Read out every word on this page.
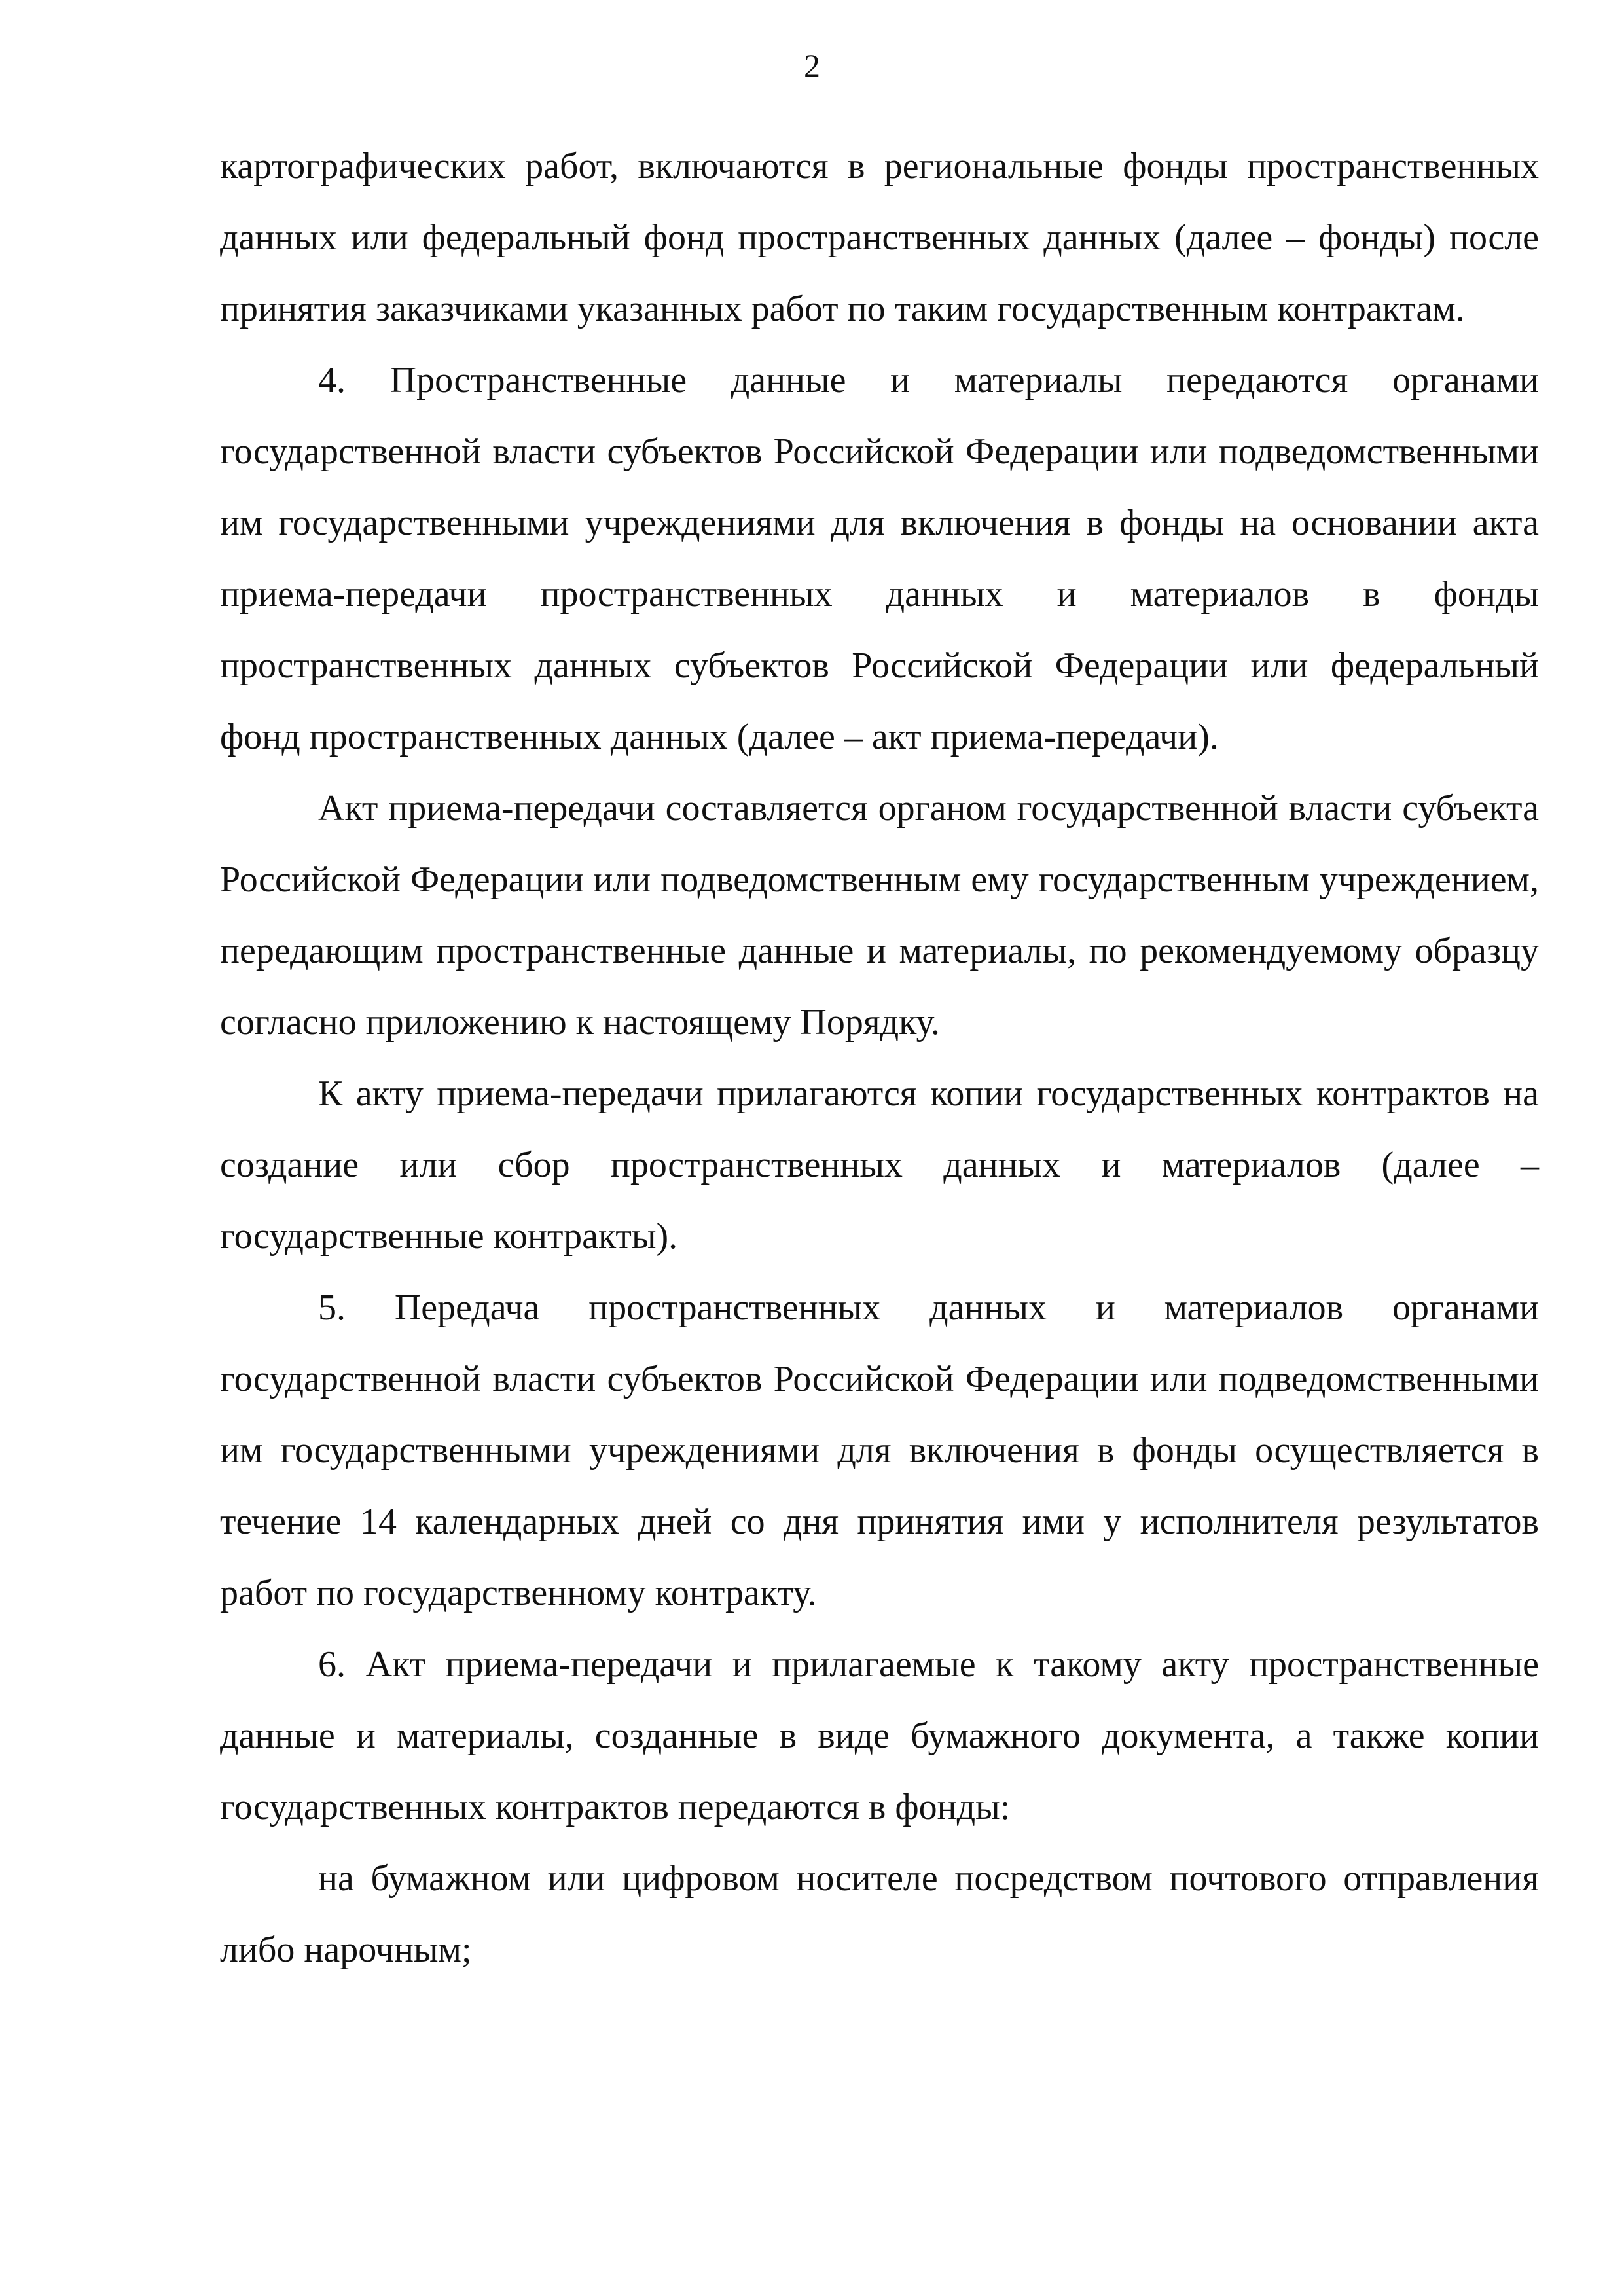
2

картографических работ, включаются в региональные фонды пространственных данных или федеральный фонд пространственных данных (далее – фонды) после принятия заказчиками указанных работ по таким государственным контрактам.

4. Пространственные данные и материалы передаются органами государственной власти субъектов Российской Федерации или подведомственными им государственными учреждениями для включения в фонды на основании акта приема-передачи пространственных данных и материалов в фонды пространственных данных субъектов Российской Федерации или федеральный фонд пространственных данных (далее – акт приема-передачи).

Акт приема-передачи составляется органом государственной власти субъекта Российской Федерации или подведомственным ему государственным учреждением, передающим пространственные данные и материалы, по рекомендуемому образцу согласно приложению к настоящему Порядку.

К акту приема-передачи прилагаются копии государственных контрактов на создание или сбор пространственных данных и материалов (далее – государственные контракты).

5. Передача пространственных данных и материалов органами государственной власти субъектов Российской Федерации или подведомственными им государственными учреждениями для включения в фонды осуществляется в течение 14 календарных дней со дня принятия ими у исполнителя результатов работ по государственному контракту.

6. Акт приема-передачи и прилагаемые к такому акту пространственные данные и материалы, созданные в виде бумажного документа, а также копии государственных контрактов передаются в фонды:

на бумажном или цифровом носителе посредством почтового отправления либо нарочным;
